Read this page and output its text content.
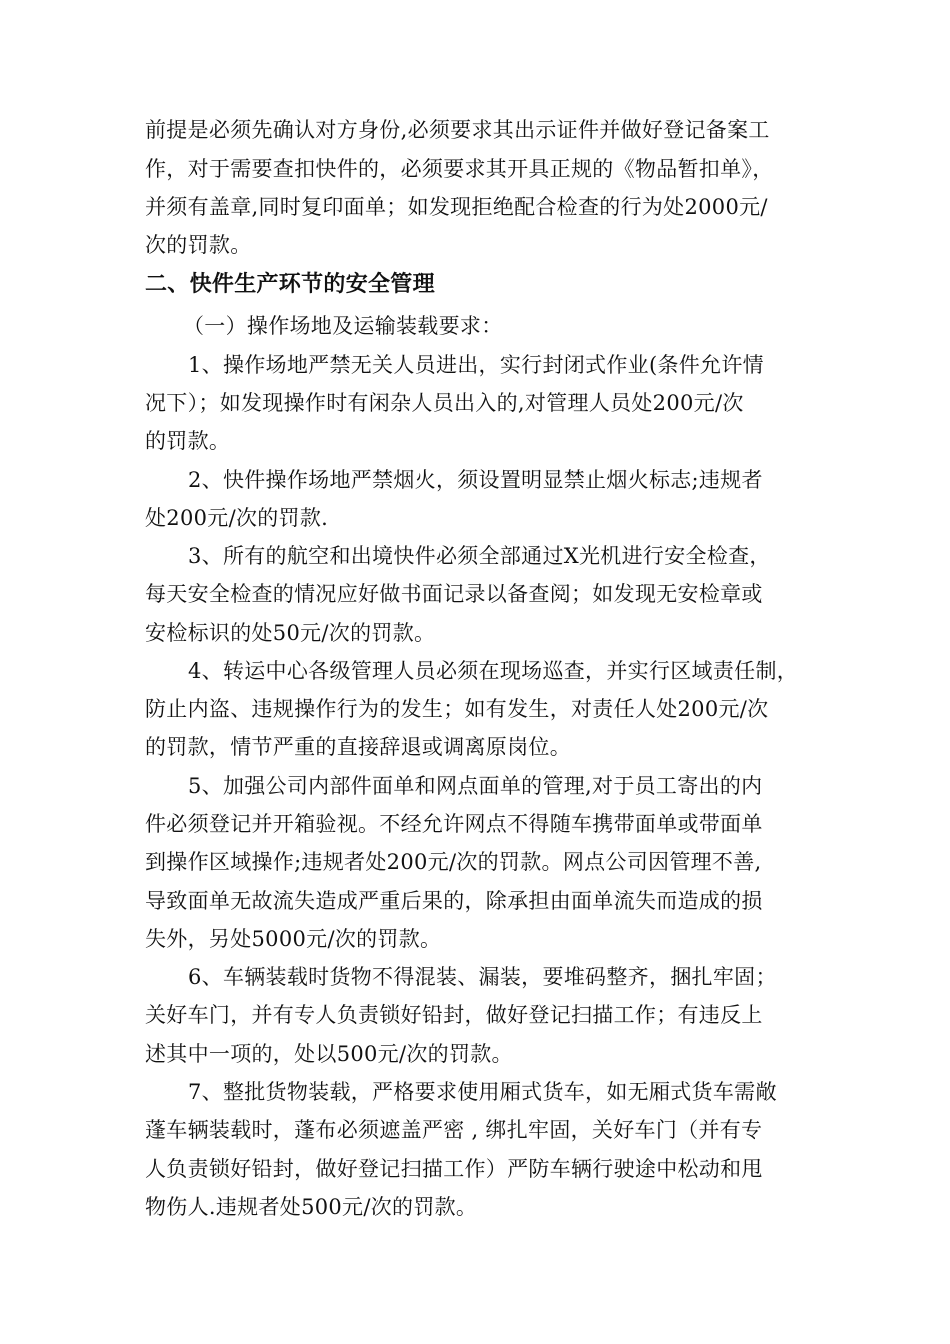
前提是必须先确认对方身份,必须要求其出示证件并做好登记备案工
作，对于需要查扣快件的，必须要求其开具正规的《物品暂扣单》，
并须有盖章,同时复印面单；如发现拒绝配合检查的行为处2000元/
次的罚款。
二、快件生产环节的安全管理
（一）操作场地及运输装载要求：
1、操作场地严禁无关人员进出，实行封闭式作业(条件允许情
况下）；如发现操作时有闲杂人员出入的,对管理人员处200元/次
的罚款。
2、快件操作场地严禁烟火，须设置明显禁止烟火标志;违规者
处200元/次的罚款.
3、所有的航空和出境快件必须全部通过X光机进行安全检查，
每天安全检查的情况应好做书面记录以备查阅；如发现无安检章或
安检标识的处50元/次的罚款。
4、转运中心各级管理人员必须在现场巡查，并实行区域责任制，
防止内盗、违规操作行为的发生；如有发生，对责任人处200元/次
的罚款，情节严重的直接辞退或调离原岗位。
5、加强公司内部件面单和网点面单的管理,对于员工寄出的内
件必须登记并开箱验视。不经允许网点不得随车携带面单或带面单
到操作区域操作;违规者处200元/次的罚款。网点公司因管理不善,
导致面单无故流失造成严重后果的，除承担由面单流失而造成的损
失外，另处5000元/次的罚款。
6、车辆装载时货物不得混装、漏装，要堆码整齐，捆扎牢固；
关好车门，并有专人负责锁好铅封，做好登记扫描工作；有违反上
述其中一项的，处以500元/次的罚款。
7、整批货物装载，严格要求使用厢式货车，如无厢式货车需敞
蓬车辆装载时，蓬布必须遮盖严密 , 绑扎牢固，关好车门（并有专
人负责锁好铅封，做好登记扫描工作）严防车辆行驶途中松动和甩
物伤人.违规者处500元/次的罚款。
